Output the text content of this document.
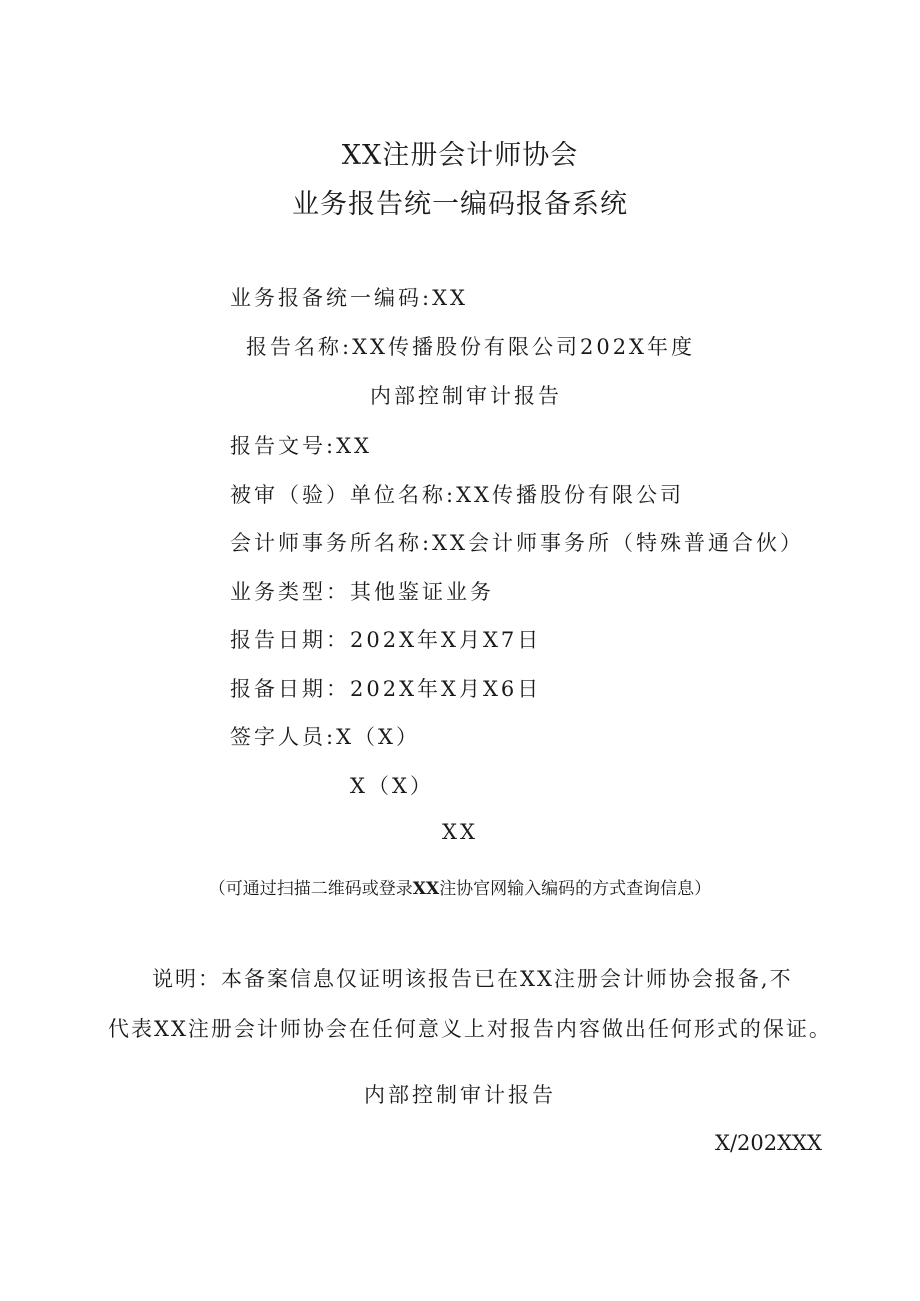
XX注册会计师协会
业务报告统一编码报备系统
业务报备统一编码:XX
报告名称:XX传播股份有限公司202X年度
内部控制审计报告
报告文号:XX
被审（验）单位名称:XX传播股份有限公司
会计师事务所名称:XX会计师事务所（特殊普通合伙）
业务类型：其他鉴证业务
报告日期：202X年X月X7日
报备日期：202X年X月X6日
签字人员:X（X）
X（X）
XX
（可通过扫描二维码或登录XX注协官网输入编码的方式查询信息）
说明：本备案信息仅证明该报告已在XX注册会计师协会报备,不
代表XX注册会计师协会在任何意义上对报告内容做出任何形式的保证。
内部控制审计报告
X/202XXX
